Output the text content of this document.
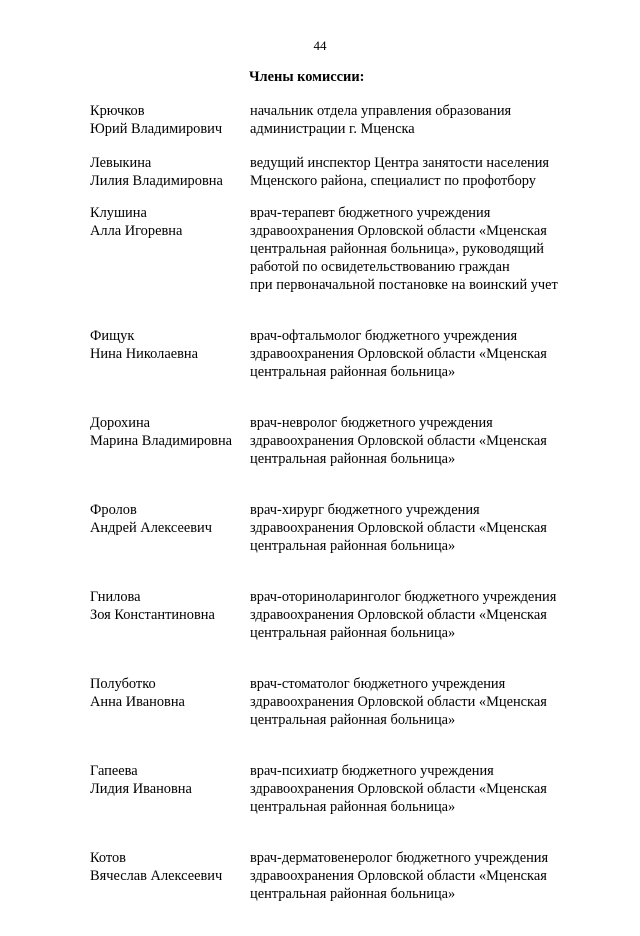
44
Члены комиссии:
Крючков
Юрий Владимирович
начальник отдела управления образования
администрации г. Мценска
Левыкина
Лилия Владимировна
ведущий инспектор Центра занятости населения
Мценского района, специалист по профотбору
Клушина
Алла Игоревна
врач-терапевт бюджетного учреждения
здравоохранения Орловской области «Мценская
центральная районная больница», руководящий
работой по освидетельствованию граждан
при первоначальной постановке на воинский учет
Фищук
Нина Николаевна
врач-офтальмолог бюджетного учреждения
здравоохранения Орловской области «Мценская
центральная районная больница»
Дорохина
Марина Владимировна
врач-невролог бюджетного учреждения
здравоохранения Орловской области «Мценская
центральная районная больница»
Фролов
Андрей Алексеевич
врач-хирург бюджетного учреждения
здравоохранения Орловской области «Мценская
центральная районная больница»
Гнилова
Зоя Константиновна
врач-оториноларинголог бюджетного учреждения
здравоохранения Орловской области «Мценская
центральная районная больница»
Полуботко
Анна Ивановна
врач-стоматолог бюджетного учреждения
здравоохранения Орловской области «Мценская
центральная районная больница»
Гапеева
Лидия Ивановна
врач-психиатр бюджетного учреждения
здравоохранения Орловской области «Мценская
центральная районная больница»
Котов
Вячеслав Алексеевич
врач-дерматовенеролог бюджетного учреждения
здравоохранения Орловской области «Мценская
центральная районная больница»
